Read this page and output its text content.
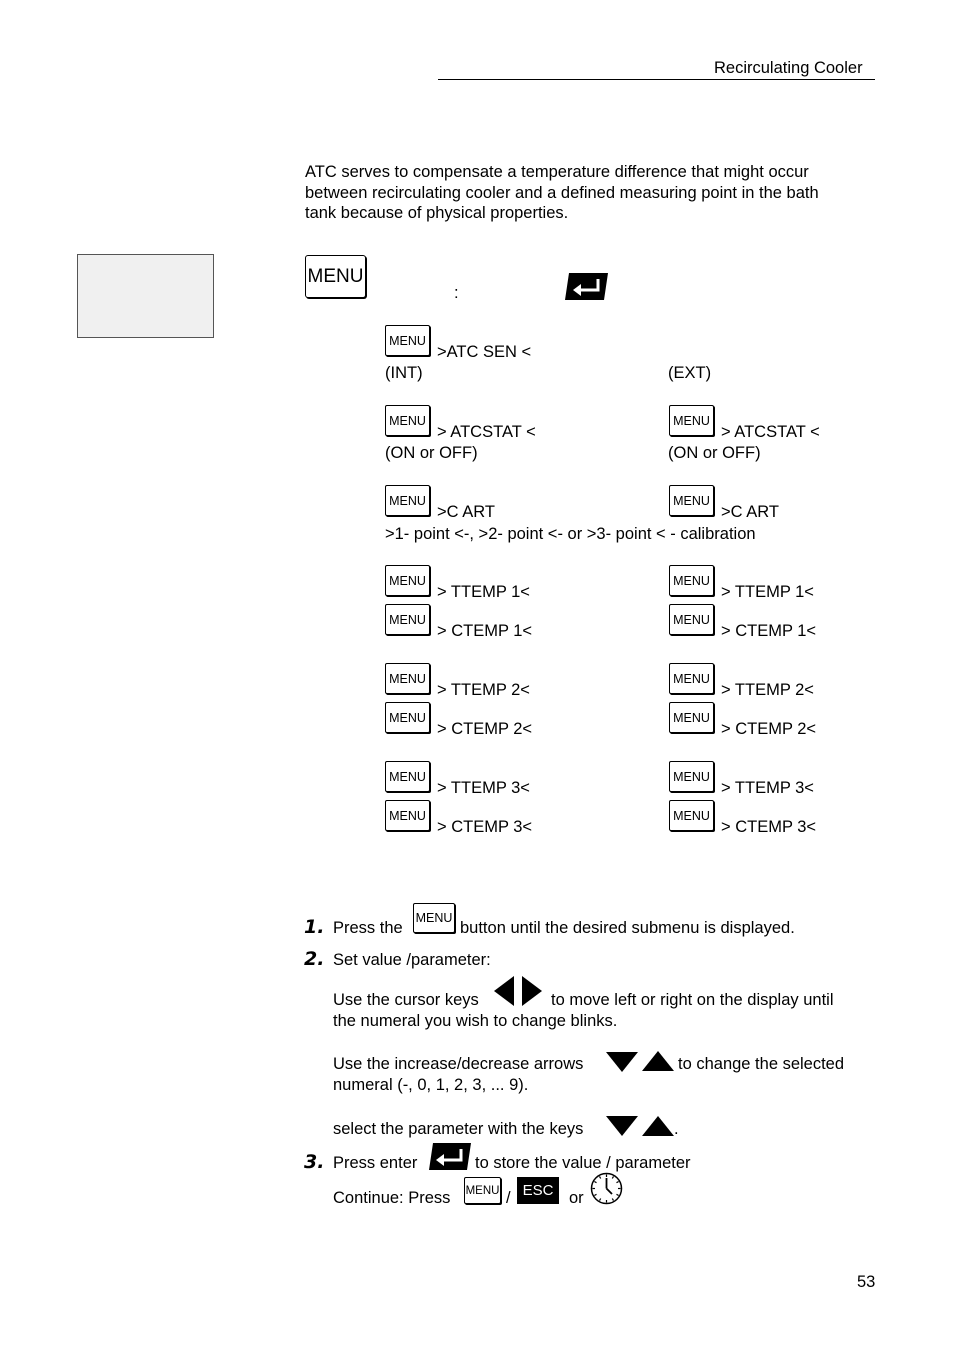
Recirculating Cooler
ATC serves to compensate a temperature difference that might occur
between recirculating cooler and a defined measuring point in the bath
tank because of physical properties.
MENU
:
MENU
>ATC SEN <
(INT)	(EXT)
MENU
> ATCSTAT <
MENU
> ATCSTAT <
(ON or OFF)	(ON or OFF)
MENU
>C ART
MENU
>C ART
>1- point <-, >2- point <- or >3- point < - calibration
MENU
> TTEMP 1<
MENU
> TTEMP 1<
MENU
> CTEMP 1<
MENU
> CTEMP 1<
MENU
> TTEMP 2<
MENU
> TTEMP 2<
MENU
> CTEMP 2<
MENU
> CTEMP 2<
MENU
> TTEMP 3<
MENU
> TTEMP 3<
MENU
> CTEMP 3<
MENU
> CTEMP 3<
1. Press the
MENU
button until the desired submenu is displayed.
2. Set value /parameter:
Use the cursor keys	to move left or right on the display until
the numeral you wish to change blinks.
Use the increase/decrease arrows	to change the selected
numeral (-, 0, 1, 2, 3, ... 9).
select the parameter with the keys	.
3. Press enter	to store the value / parameter
Continue: Press MENU / ESC or
53
